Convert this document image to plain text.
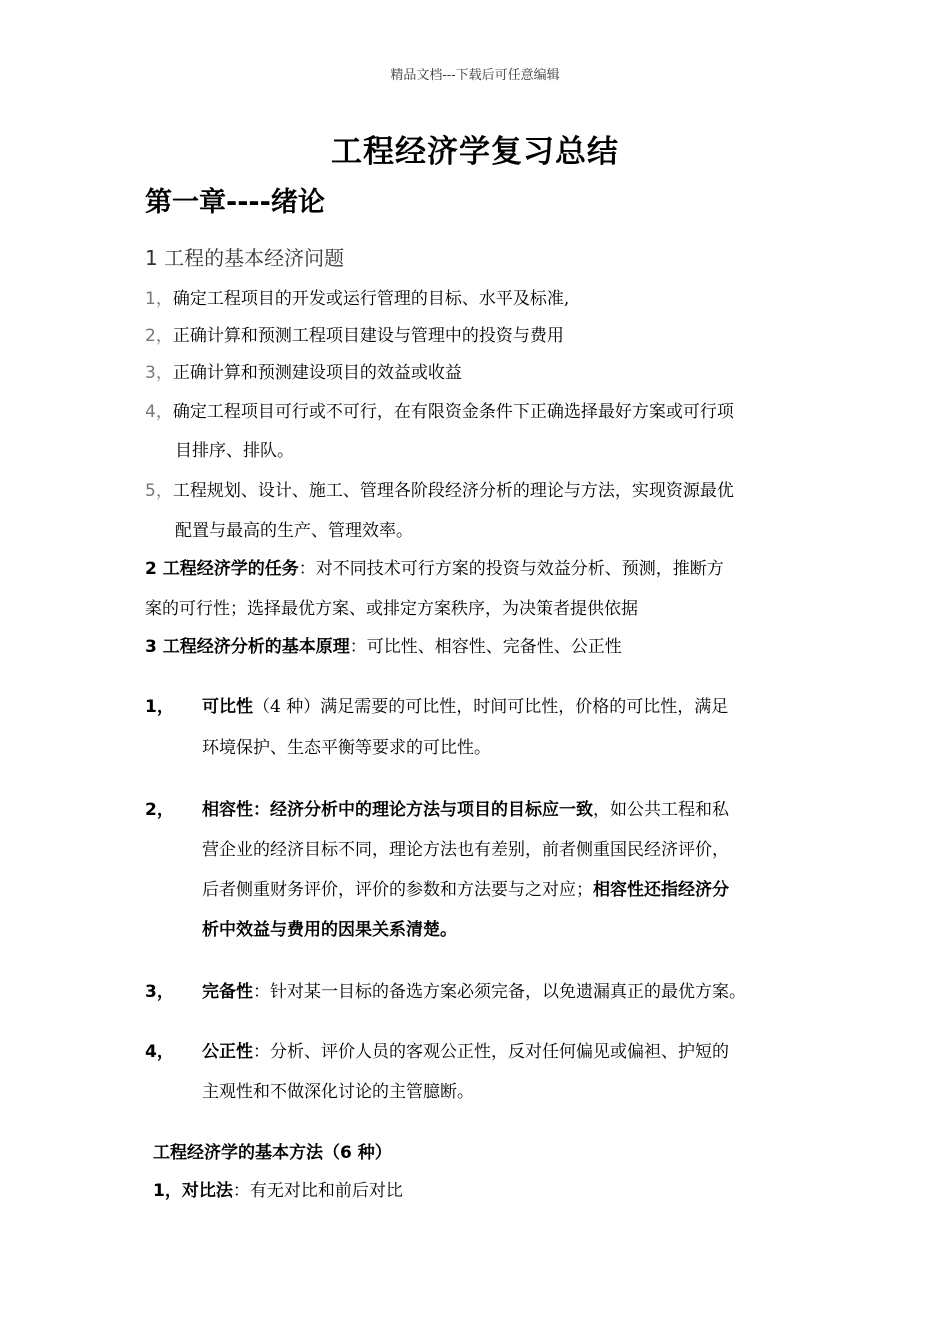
精品文档---下载后可任意编辑
工程经济学复习总结
第一章----绪论
1 工程的基本经济问题
1，确定工程项目的开发或运行管理的目标、水平及标准,
2，正确计算和预测工程项目建设与管理中的投资与费用
3，正确计算和预测建设项目的效益或收益
4，确定工程项目可行或不可行，在有限资金条件下正确选择最好方案或可行项
目排序、排队。
5，工程规划、设计、施工、管理各阶段经济分析的理论与方法，实现资源最优
配置与最高的生产、管理效率。
2 工程经济学的任务：对不同技术可行方案的投资与效益分析、预测，推断方
案的可行性；选择最优方案、或排定方案秩序，为决策者提供依据
3 工程经济分析的基本原理：可比性、相容性、完备性、公正性
1， 可比性（4 种）满足需要的可比性，时间可比性，价格的可比性，满足
环境保护、生态平衡等要求的可比性。
2， 相容性：经济分析中的理论方法与项目的目标应一致，如公共工程和私
营企业的经济目标不同，理论方法也有差别，前者侧重国民经济评价，
后者侧重财务评价，评价的参数和方法要与之对应；相容性还指经济分
析中效益与费用的因果关系清楚。
3， 完备性：针对某一目标的备选方案必须完备，以免遗漏真正的最优方案。
4， 公正性：分析、评价人员的客观公正性，反对任何偏见或偏袒、护短的
主观性和不做深化讨论的主管臆断。
工程经济学的基本方法（6 种）
1，对比法：有无对比和前后对比
